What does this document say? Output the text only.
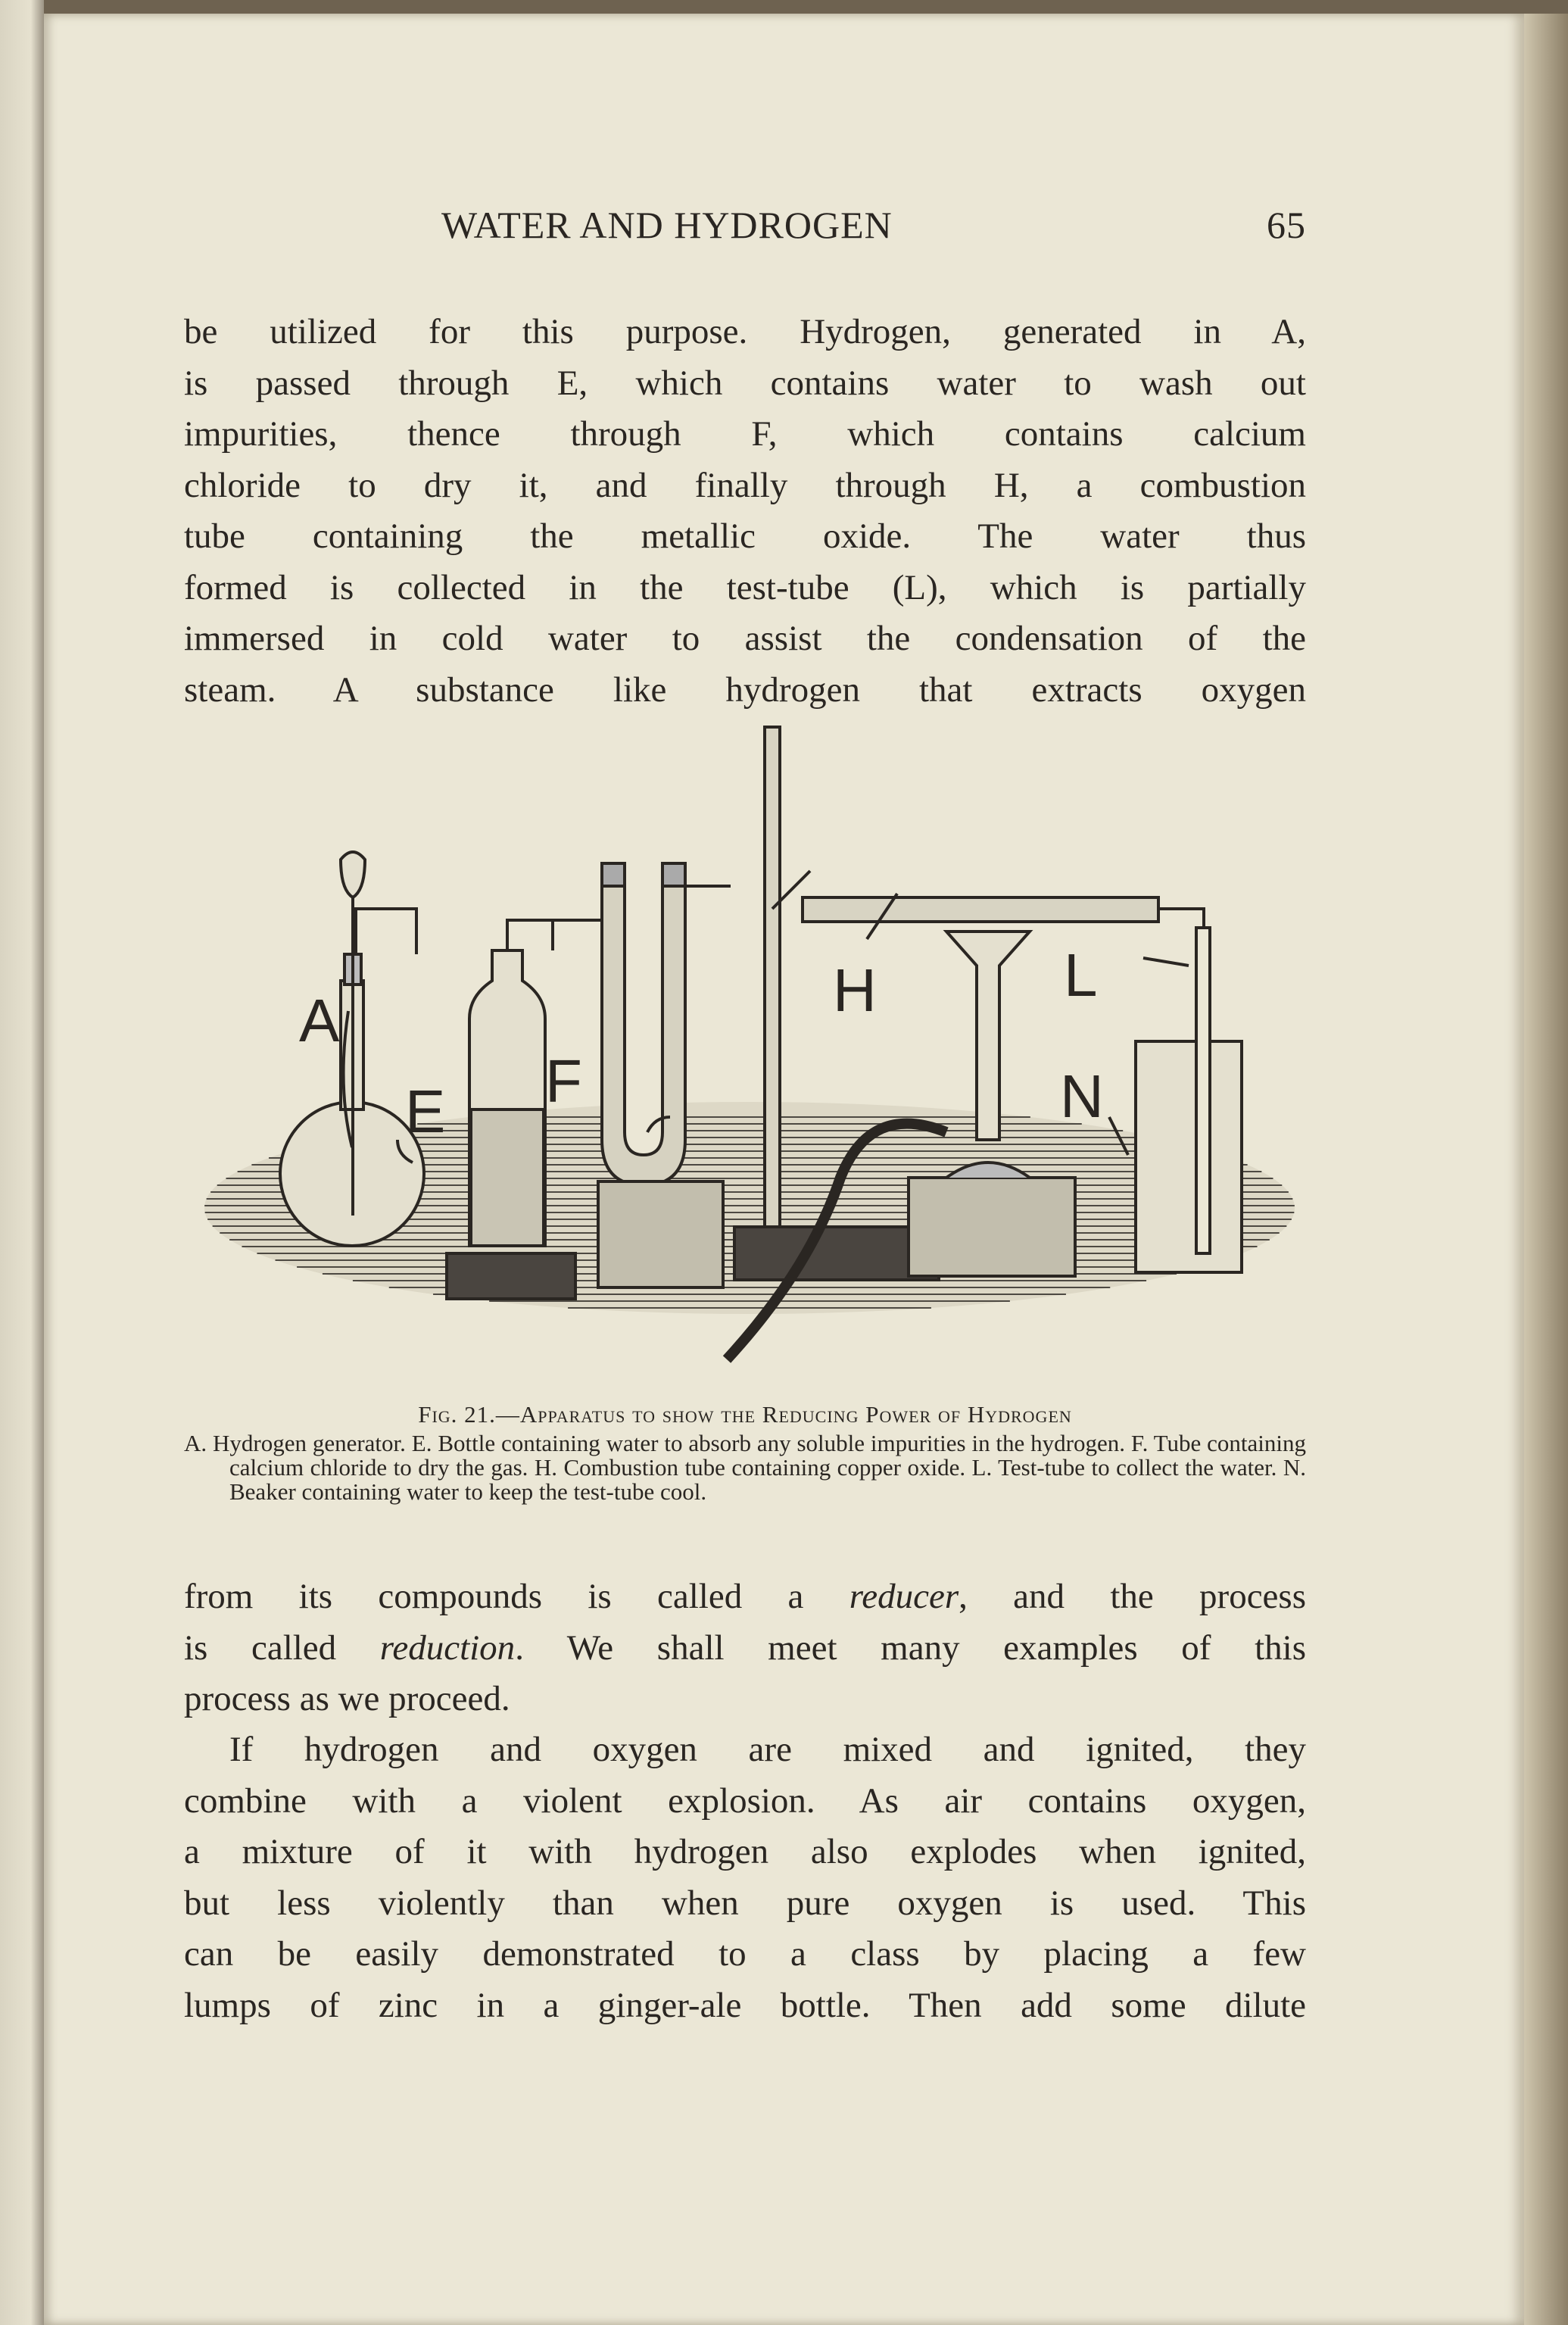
WATER AND HYDROGEN	65
be utilized for this purpose. Hydrogen, generated in A,
is passed through E, which contains water to wash out
impurities, thence through F, which contains calcium
chloride to dry it, and finally through H, a combustion
tube containing the metallic oxide. The water thus
formed is collected in the test-tube (L), which is partially
immersed in cold water to assist the condensation of the
steam. A substance like hydrogen that extracts oxygen
A
E F
H	L
N
Fig. 21.—Apparatus to show the Reducing Power of Hydrogen
A. Hydrogen generator. E. Bottle containing water to absorb any soluble impurities in the hydrogen. F. Tube containing calcium chloride to dry the gas. H. Combustion tube containing copper oxide. L. Test-tube to collect the water. N. Beaker containing water to keep the test-tube cool.
from its compounds is called a reducer, and the process
is called reduction. We shall meet many examples of this
process as we proceed.
If hydrogen and oxygen are mixed and ignited, they
combine with a violent explosion. As air contains oxygen,
a mixture of it with hydrogen also explodes when ignited,
but less violently than when pure oxygen is used. This
can be easily demonstrated to a class by placing a few
lumps of zinc in a ginger-ale bottle. Then add some dilute
